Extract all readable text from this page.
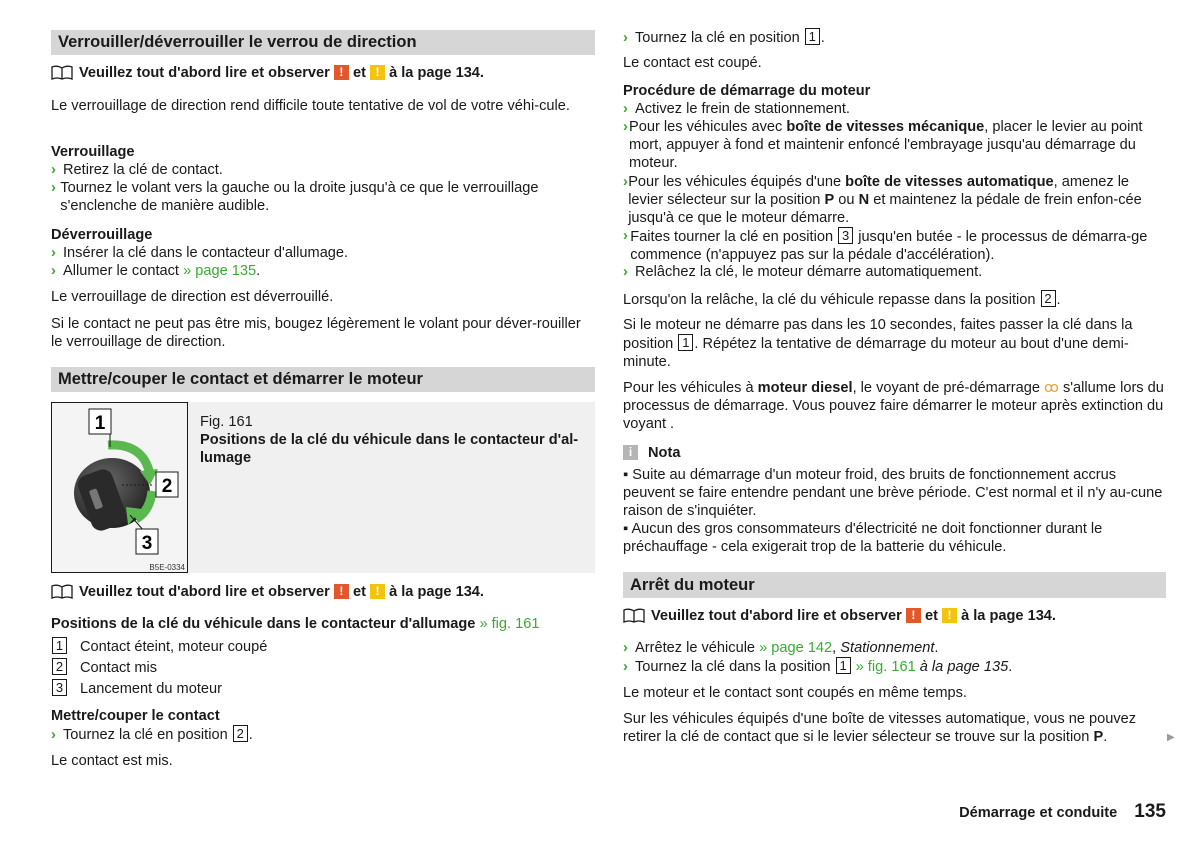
Verrouiller/déverrouiller le verrou de direction
Veuillez tout d'abord lire et observer ! et ! à la page 134.
Le verrouillage de direction rend difficile toute tentative de vol de votre véhi-cule.
Verrouillage
› Retirez la clé de contact.
› Tournez le volant vers la gauche ou la droite jusqu'à ce que le verrouillage s'enclenche de manière audible.
Déverrouillage
› Insérer la clé dans le contacteur d'allumage.
› Allumer le contact » page 135.
Le verrouillage de direction est déverrouillé.
Si le contact ne peut pas être mis, bougez légèrement le volant pour déver-rouiller le verrouillage de direction.
Mettre/couper le contact et démarrer le moteur
1
2
3
B5E-0334
Fig. 161
Positions de la clé du véhicule dans le contacteur d'al-lumage
Veuillez tout d'abord lire et observer ! et ! à la page 134.
Positions de la clé du véhicule dans le contacteur d'allumage » fig. 161
1 Contact éteint, moteur coupé
2 Contact mis
3 Lancement du moteur
Mettre/couper le contact
› Tournez la clé en position 2 .
Le contact est mis.
› Tournez la clé en position 1 .
Le contact est coupé.
Procédure de démarrage du moteur
› Activez le frein de stationnement.
› Pour les véhicules avec boîte de vitesses mécanique, placer le levier au point mort, appuyer à fond et maintenir enfoncé l'embrayage jusqu'au démarrage du moteur.
› Pour les véhicules équipés d'une boîte de vitesses automatique, amenez le levier sélecteur sur la position P ou N et maintenez la pédale de frein enfon-cée jusqu'à ce que le moteur démarre.
› Faites tourner la clé en position 3 jusqu'en butée - le processus de démarra-ge commence (n'appuyez pas sur la pédale d'accélération).
› Relâchez la clé, le moteur démarre automatiquement.
Lorsqu'on la relâche, la clé du véhicule repasse dans la position 2 .
Si le moteur ne démarre pas dans les 10 secondes, faites passer la clé dans la position 1 . Répétez la tentative de démarrage du moteur au bout d'une demi-minute.
Pour les véhicules à moteur diesel, le voyant de pré-démarrage ꝏ s'allume lors du processus de démarrage. Vous pouvez faire démarrer le moteur après extinction du voyant .
i Nota
▪ Suite au démarrage d'un moteur froid, des bruits de fonctionnement accrus peuvent se faire entendre pendant une brève période. C'est normal et il n'y au-cune raison de s'inquiéter.
▪ Aucun des gros consommateurs d'électricité ne doit fonctionner durant le préchauffage - cela exigerait trop de la batterie du véhicule.
Arrêt du moteur
Veuillez tout d'abord lire et observer ! et ! à la page 134.
› Arrêtez le véhicule » page 142, Stationnement.
› Tournez la clé dans la position 1 » fig. 161 à la page 135.
Le moteur et le contact sont coupés en même temps.
Sur les véhicules équipés d'une boîte de vitesses automatique, vous ne pouvez retirer la clé de contact que si le levier sélecteur se trouve sur la position P.	▶
Démarrage et conduite 135
